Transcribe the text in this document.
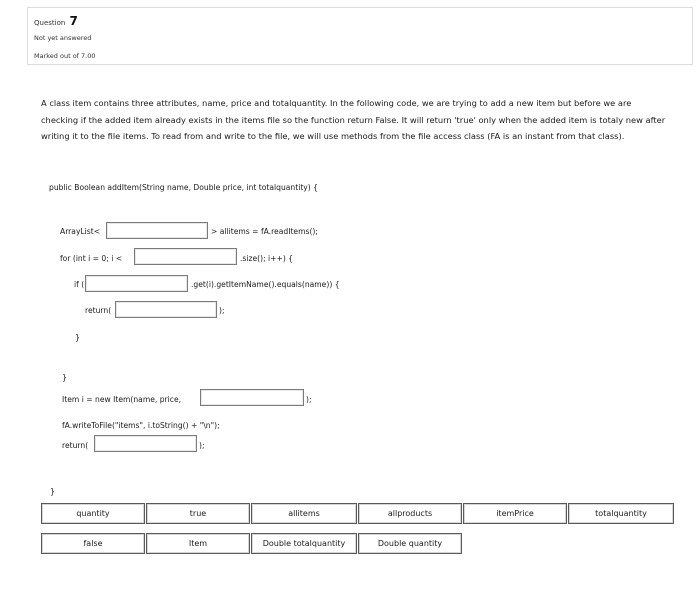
Question 7
Not yet answered
Marked out of 7.00
A class item contains three attributes, name, price and totalquantity. In the following code, we are trying to add a new item but before we are checking if the added item already exists in the items file so the function return False. It will return 'true' only when the added item is totaly new after writing it to the file items. To read from and write to the file, we will use methods from the file access class (FA is an instant from that class).
public Boolean addItem(String name, Double price, int totalquantity) {
ArrayList<	> allitems = fA.readItems();
for (int i = 0; i <	.size(); i++) {
if (	.get(i).getItemName().equals(name)) {
return(	);
}
}
Item i = new Item(name, price,	);
fA.writeToFile("items", i.toString() + "\n");
return(	);
}
quantity	true	allitems	allproducts	itemPrice	totalquantity
false	Item	Double totalquantity	Double quantity
